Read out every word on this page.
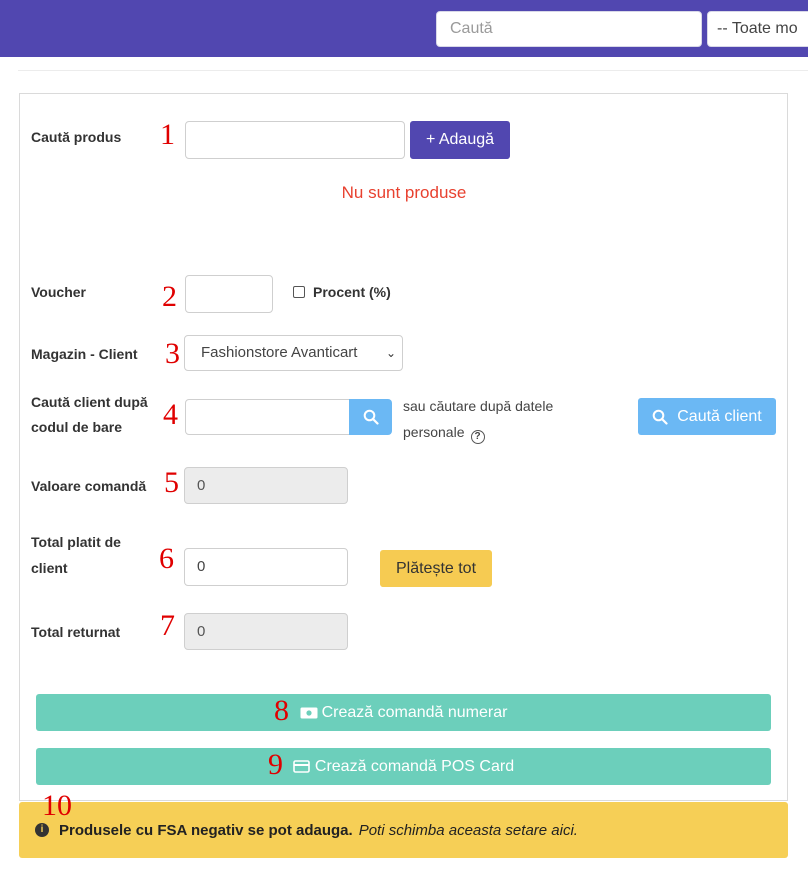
Caută	-- Toate mo
Caută produs 1	+ Adaugă
Nu sunt produse
Voucher	2	Procent (%)
Magazin - Client 3	Fashionstore Avanticart ⌄
Caută client după
codul de bare 4	sau căutare după datele
personale ?
Caută client
Valoare comandă 5	0
Total platit de
client	6	0	Plătește tot
Total returnat 7	0
Crează comandă numerar
8
Crează comandă POS Card
9
i	Produsele cu FSA negativ se pot adauga. Poti schimba aceasta setare aici.
10
